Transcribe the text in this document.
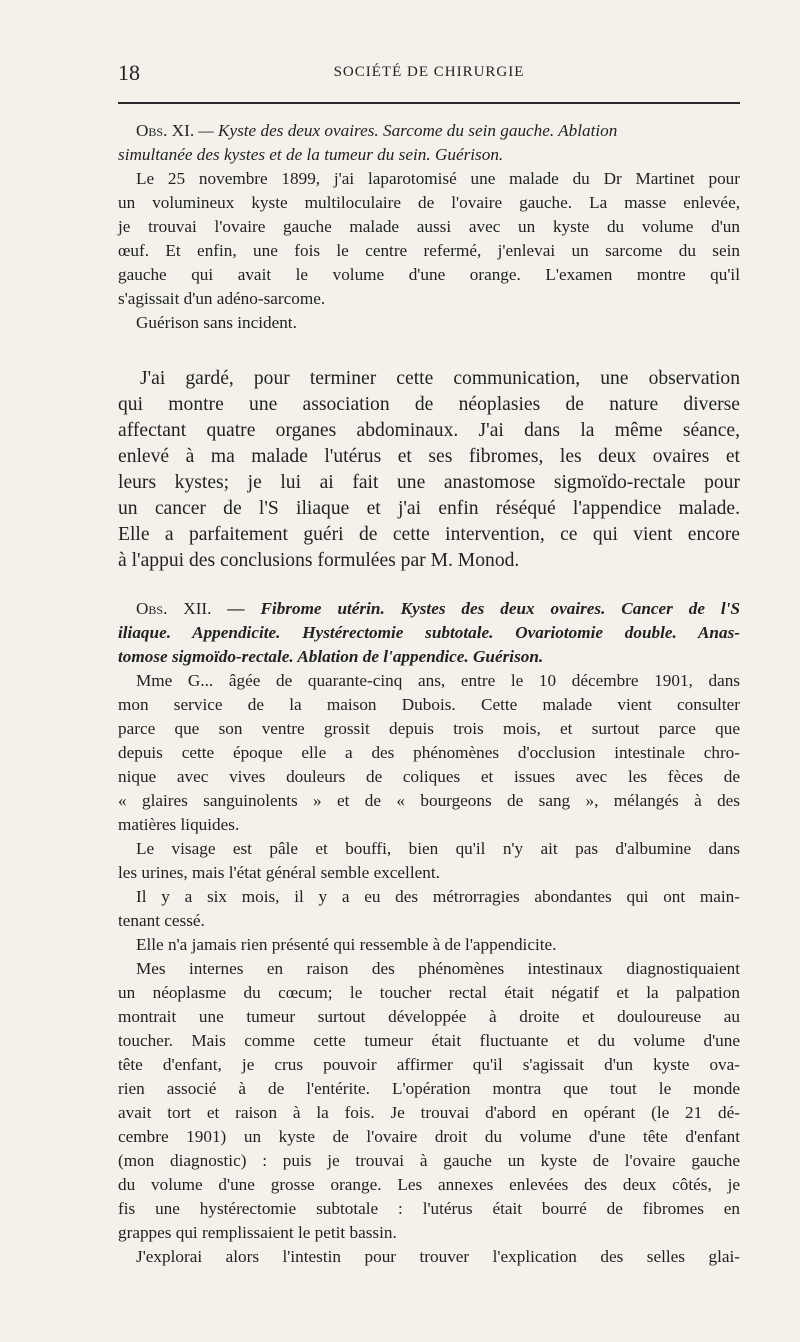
18	SOCIÉTÉ DE CHIRURGIE

Obs. XI. — Kyste des deux ovaires. Sarcome du sein gauche. Ablation

simultanée des kystes et de la tumeur du sein. Guérison.

Le 25 novembre 1899, j'ai laparotomisé une malade du Dr Martinet pour

un volumineux kyste multiloculaire de l'ovaire gauche. La masse enlevée,

je trouvai l'ovaire gauche malade aussi avec un kyste du volume d'un

œuf. Et enfin, une fois le centre refermé, j'enlevai un sarcome du sein

gauche qui avait le volume d'une orange. L'examen montre qu'il

s'agissait d'un adéno-sarcome.

Guérison sans incident.

J'ai gardé, pour terminer cette communication, une observation

qui montre une association de néoplasies de nature diverse

affectant quatre organes abdominaux. J'ai dans la même séance,

enlevé à ma malade l'utérus et ses fibromes, les deux ovaires et

leurs kystes; je lui ai fait une anastomose sigmoïdo-rectale pour

un cancer de l'S iliaque et j'ai enfin réséqué l'appendice malade.

Elle a parfaitement guéri de cette intervention, ce qui vient encore

à l'appui des conclusions formulées par M. Monod.

Obs. XII. — Fibrome utérin. Kystes des deux ovaires. Cancer de l'S

iliaque. Appendicite. Hystérectomie subtotale. Ovariotomie double. Anas-

tomose sigmoïdo-rectale. Ablation de l'appendice. Guérison.

Mme G... âgée de quarante-cinq ans, entre le 10 décembre 1901, dans

mon service de la maison Dubois. Cette malade vient consulter

parce que son ventre grossit depuis trois mois, et surtout parce que

depuis cette époque elle a des phénomènes d'occlusion intestinale chro-

nique avec vives douleurs de coliques et issues avec les fèces de

« glaires sanguinolents » et de « bourgeons de sang », mélangés à des

matières liquides.

Le visage est pâle et bouffi, bien qu'il n'y ait pas d'albumine dans

les urines, mais l'état général semble excellent.

Il y a six mois, il y a eu des métrorragies abondantes qui ont main-

tenant cessé.

Elle n'a jamais rien présenté qui ressemble à de l'appendicite.

Mes internes en raison des phénomènes intestinaux diagnostiquaient

un néoplasme du cœcum; le toucher rectal était négatif et la palpation

montrait une tumeur surtout développée à droite et douloureuse au

toucher. Mais comme cette tumeur était fluctuante et du volume d'une

tête d'enfant, je crus pouvoir affirmer qu'il s'agissait d'un kyste ova-

rien associé à de l'entérite. L'opération montra que tout le monde

avait tort et raison à la fois. Je trouvai d'abord en opérant (le 21 dé-

cembre 1901) un kyste de l'ovaire droit du volume d'une tête d'enfant

(mon diagnostic) : puis je trouvai à gauche un kyste de l'ovaire gauche

du volume d'une grosse orange. Les annexes enlevées des deux côtés, je

fis une hystérectomie subtotale : l'utérus était bourré de fibromes en

grappes qui remplissaient le petit bassin.

J'explorai alors l'intestin pour trouver l'explication des selles glai-
